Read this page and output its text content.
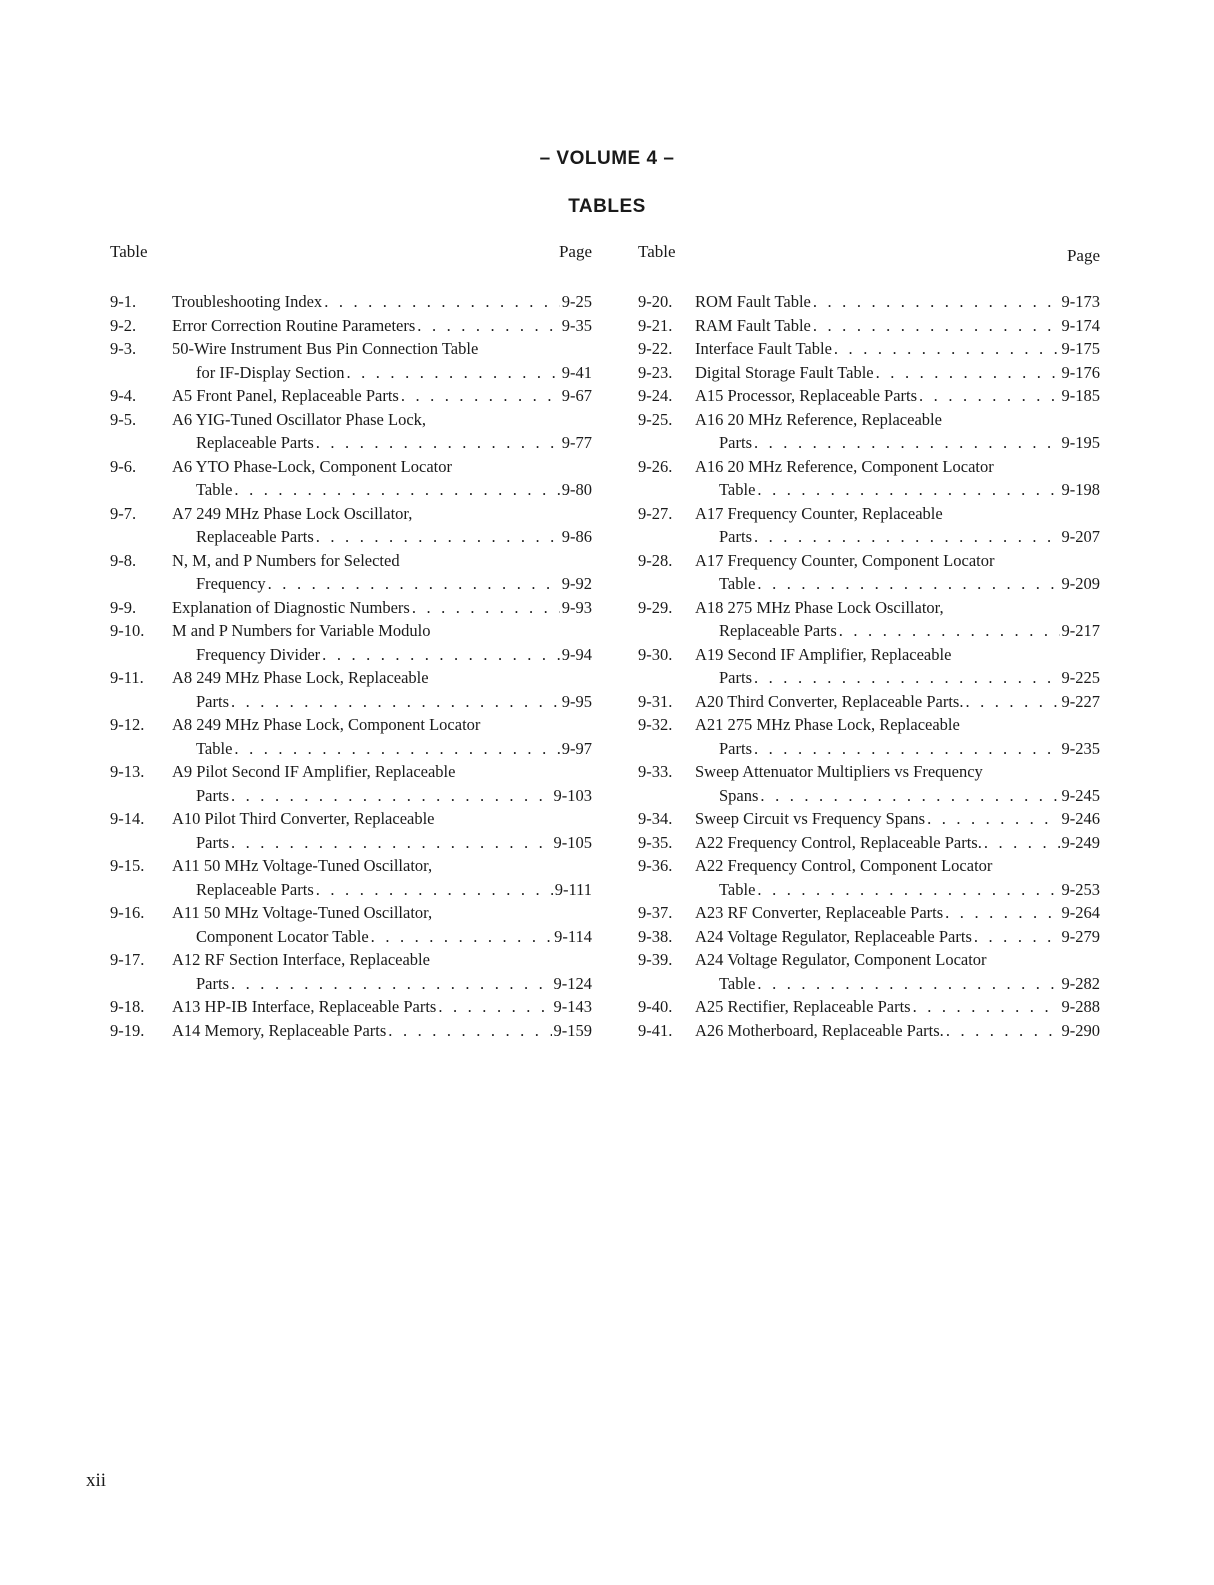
– VOLUME 4 –
TABLES
Table	Page
9-1. Troubleshooting Index . . .	9-25
9-2. Error Correction Routine Parameters . . .	9-35
9-3. 50-Wire Instrument Bus Pin Connection Table
for IF-Display Section . . .	9-41
9-4. A5 Front Panel, Replaceable Parts . . .	9-67
9-5. A6 YIG-Tuned Oscillator Phase Lock,
Replaceable Parts . . .	9-77
9-6. A6 YTO Phase-Lock, Component Locator
Table . . .	9-80
9-7. A7 249 MHz Phase Lock Oscillator,
Replaceable Parts . . .	9-86
9-8. N, M, and P Numbers for Selected
Frequency . . .	9-92
9-9. Explanation of Diagnostic Numbers . . .	9-93
9-10. M and P Numbers for Variable Modulo
Frequency Divider . . .	9-94
9-11. A8 249 MHz Phase Lock, Replaceable
Parts . . .	9-95
9-12. A8 249 MHz Phase Lock, Component Locator
Table . . .	9-97
9-13. A9 Pilot Second IF Amplifier, Replaceable
Parts . . .	9-103
9-14. A10 Pilot Third Converter, Replaceable
Parts . . .	9-105
9-15. A11 50 MHz Voltage-Tuned Oscillator,
Replaceable Parts . . .	9-111
9-16. A11 50 MHz Voltage-Tuned Oscillator,
Component Locator Table . . .	9-114
9-17. A12 RF Section Interface, Replaceable
Parts . . .	9-124
9-18. A13 HP-IB Interface, Replaceable Parts . . .	9-143
9-19. A14 Memory, Replaceable Parts . . .	9-159
Table	Page
9-20. ROM Fault Table . . .	9-173
9-21. RAM Fault Table . . .	9-174
9-22. Interface Fault Table . . .	9-175
9-23. Digital Storage Fault Table . . .	9-176
9-24. A15 Processor, Replaceable Parts . . .	9-185
9-25. A16 20 MHz Reference, Replaceable
Parts . . .	9-195
9-26. A16 20 MHz Reference, Component Locator
Table . . .	9-198
9-27. A17 Frequency Counter, Replaceable
Parts . . .	9-207
9-28. A17 Frequency Counter, Component Locator
Table . . .	9-209
9-29. A18 275 MHz Phase Lock Oscillator,
Replaceable Parts . . .	9-217
9-30. A19 Second IF Amplifier, Replaceable
Parts . . .	9-225
9-31. A20 Third Converter, Replaceable Parts. . . .	9-227
9-32. A21 275 MHz Phase Lock, Replaceable
Parts . . .	9-235
9-33. Sweep Attenuator Multipliers vs Frequency
Spans . . .	9-245
9-34. Sweep Circuit vs Frequency Spans . . .	9-246
9-35. A22 Frequency Control, Replaceable Parts. . . .	9-249
9-36. A22 Frequency Control, Component Locator
Table . . .	9-253
9-37. A23 RF Converter, Replaceable Parts . . .	9-264
9-38. A24 Voltage Regulator, Replaceable Parts . . .	9-279
9-39. A24 Voltage Regulator, Component Locator
Table . . .	9-282
9-40. A25 Rectifier, Replaceable Parts . . .	9-288
9-41. A26 Motherboard, Replaceable Parts. . . .	9-290
xii
